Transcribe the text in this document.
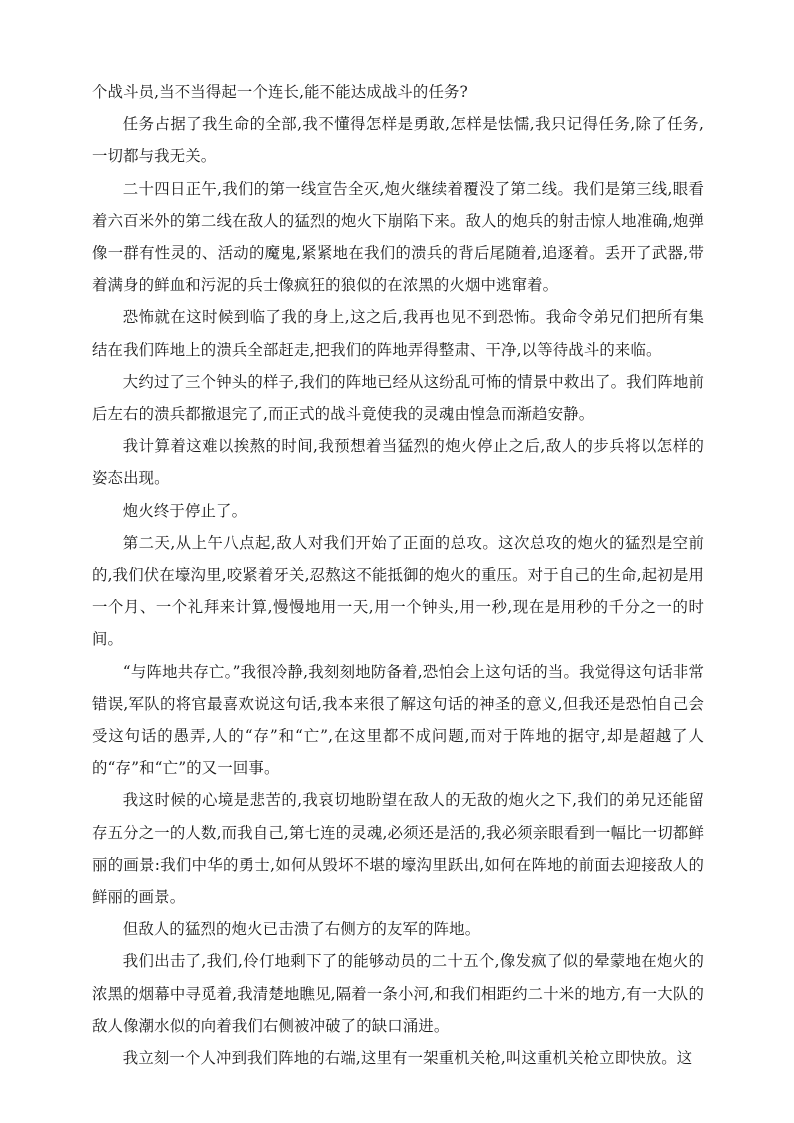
个战斗员,当不当得起一个连长,能不能达成战斗的任务?

任务占据了我生命的全部,我不懂得怎样是勇敢,怎样是怯懦,我只记得任务,除了任务,一切都与我无关。

二十四日正午,我们的第一线宣告全灭,炮火继续着覆没了第二线。我们是第三线,眼看着六百米外的第二线在敌人的猛烈的炮火下崩陷下来。敌人的炮兵的射击惊人地准确,炮弹像一群有性灵的、活动的魔鬼,紧紧地在我们的溃兵的背后尾随着,追逐着。丢开了武器,带着满身的鲜血和污泥的兵士像疯狂的狼似的在浓黑的火烟中逃窜着。

恐怖就在这时候到临了我的身上,这之后,我再也见不到恐怖。我命令弟兄们把所有集结在我们阵地上的溃兵全部赶走,把我们的阵地弄得整肃、干净,以等待战斗的来临。

大约过了三个钟头的样子,我们的阵地已经从这纷乱可怖的情景中救出了。我们阵地前后左右的溃兵都撤退完了,而正式的战斗竟使我的灵魂由惶急而渐趋安静。

我计算着这难以挨熬的时间,我预想着当猛烈的炮火停止之后,敌人的步兵将以怎样的姿态出现。

炮火终于停止了。

第二天,从上午八点起,敌人对我们开始了正面的总攻。这次总攻的炮火的猛烈是空前的,我们伏在壕沟里,咬紧着牙关,忍熬这不能抵御的炮火的重压。对于自己的生命,起初是用一个月、一个礼拜来计算,慢慢地用一天,用一个钟头,用一秒,现在是用秒的千分之一的时间。

“与阵地共存亡。”我很冷静,我刻刻地防备着,恐怕会上这句话的当。我觉得这句话非常错误,军队的将官最喜欢说这句话,我本来很了解这句话的神圣的意义,但我还是恐怕自己会受这句话的愚弄,人的“存”和“亡”,在这里都不成问题,而对于阵地的据守,却是超越了人的“存”和“亡”的又一回事。

我这时候的心境是悲苦的,我哀切地盼望在敌人的无敌的炮火之下,我们的弟兄还能留存五分之一的人数,而我自己,第七连的灵魂,必须还是活的,我必须亲眼看到一幅比一切都鲜丽的画景:我们中华的勇士,如何从毁坏不堪的壕沟里跃出,如何在阵地的前面去迎接敌人的鲜丽的画景。

但敌人的猛烈的炮火已击溃了右侧方的友军的阵地。

我们出击了,我们,伶仃地剩下了的能够动员的二十五个,像发疯了似的晕蒙地在炮火的浓黑的烟幕中寻觅着,我清楚地瞧见,隔着一条小河,和我们相距约二十米的地方,有一大队的敌人像潮水似的向着我们右侧被冲破了的缺口涌进。

我立刻一个人冲到我们阵地的右端,这里有一架重机关枪,叫这重机关枪立即快放。这
